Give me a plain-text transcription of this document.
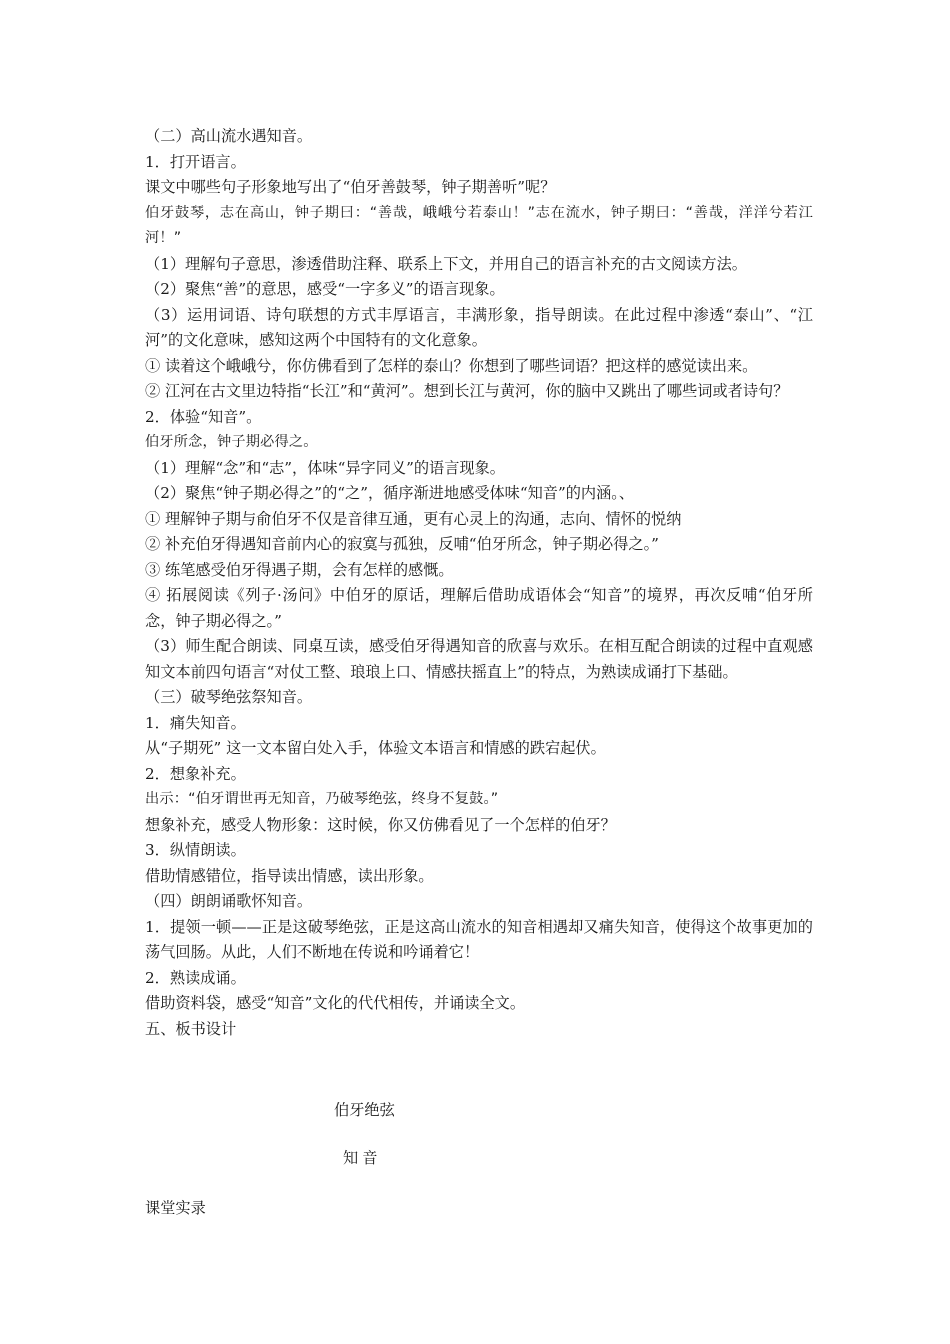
（二）高山流水遇知音。

1．打开语言。

课文中哪些句子形象地写出了“伯牙善鼓琴，钟子期善听”呢？

伯牙鼓琴，志在高山，钟子期曰：“善哉，峨峨兮若泰山！”志在流水，钟子期曰：“善哉，洋洋兮若江河！”

（1）理解句子意思，渗透借助注释、联系上下文，并用自己的语言补充的古文阅读方法。

（2）聚焦“善”的意思，感受“一字多义”的语言现象。

（3）运用词语、诗句联想的方式丰厚语言，丰满形象，指导朗读。在此过程中渗透“泰山”、“江河”的文化意味，感知这两个中国特有的文化意象。

① 读着这个峨峨兮，你仿佛看到了怎样的泰山？你想到了哪些词语？把这样的感觉读出来。

② 江河在古文里边特指“长江”和“黄河”。想到长江与黄河，你的脑中又跳出了哪些词或者诗句？

2．体验“知音”。

伯牙所念，钟子期必得之。

（1）理解“念”和“志”，体味“异字同义”的语言现象。

（2）聚焦“钟子期必得之”的“之”，循序渐进地感受体味“知音”的内涵。、

① 理解钟子期与俞伯牙不仅是音律互通，更有心灵上的沟通，志向、情怀的悦纳

② 补充伯牙得遇知音前内心的寂寞与孤独，反哺“伯牙所念，钟子期必得之。”

③ 练笔感受伯牙得遇子期，会有怎样的感慨。

④ 拓展阅读《列子·汤问》中伯牙的原话，理解后借助成语体会“知音”的境界，再次反哺“伯牙所念，钟子期必得之。”

（3）师生配合朗读、同桌互读，感受伯牙得遇知音的欣喜与欢乐。在相互配合朗读的过程中直观感知文本前四句语言“对仗工整、琅琅上口、情感扶摇直上”的特点，为熟读成诵打下基础。

（三）破琴绝弦祭知音。

1．痛失知音。

从“子期死” 这一文本留白处入手，体验文本语言和情感的跌宕起伏。

2．想象补充。

出示：“伯牙谓世再无知音，乃破琴绝弦，终身不复鼓。”

想象补充，感受人物形象：这时候，你又仿佛看见了一个怎样的伯牙？

3．纵情朗读。

借助情感错位，指导读出情感，读出形象。

（四）朗朗诵歌怀知音。

1．提领一顿——正是这破琴绝弦，正是这高山流水的知音相遇却又痛失知音，使得这个故事更加的荡气回肠。从此，人们不断地在传说和吟诵着它！

2．熟读成诵。

借助资料袋，感受“知音”文化的代代相传，并诵读全文。

五、板书设计

伯牙绝弦

知音

课堂实录
